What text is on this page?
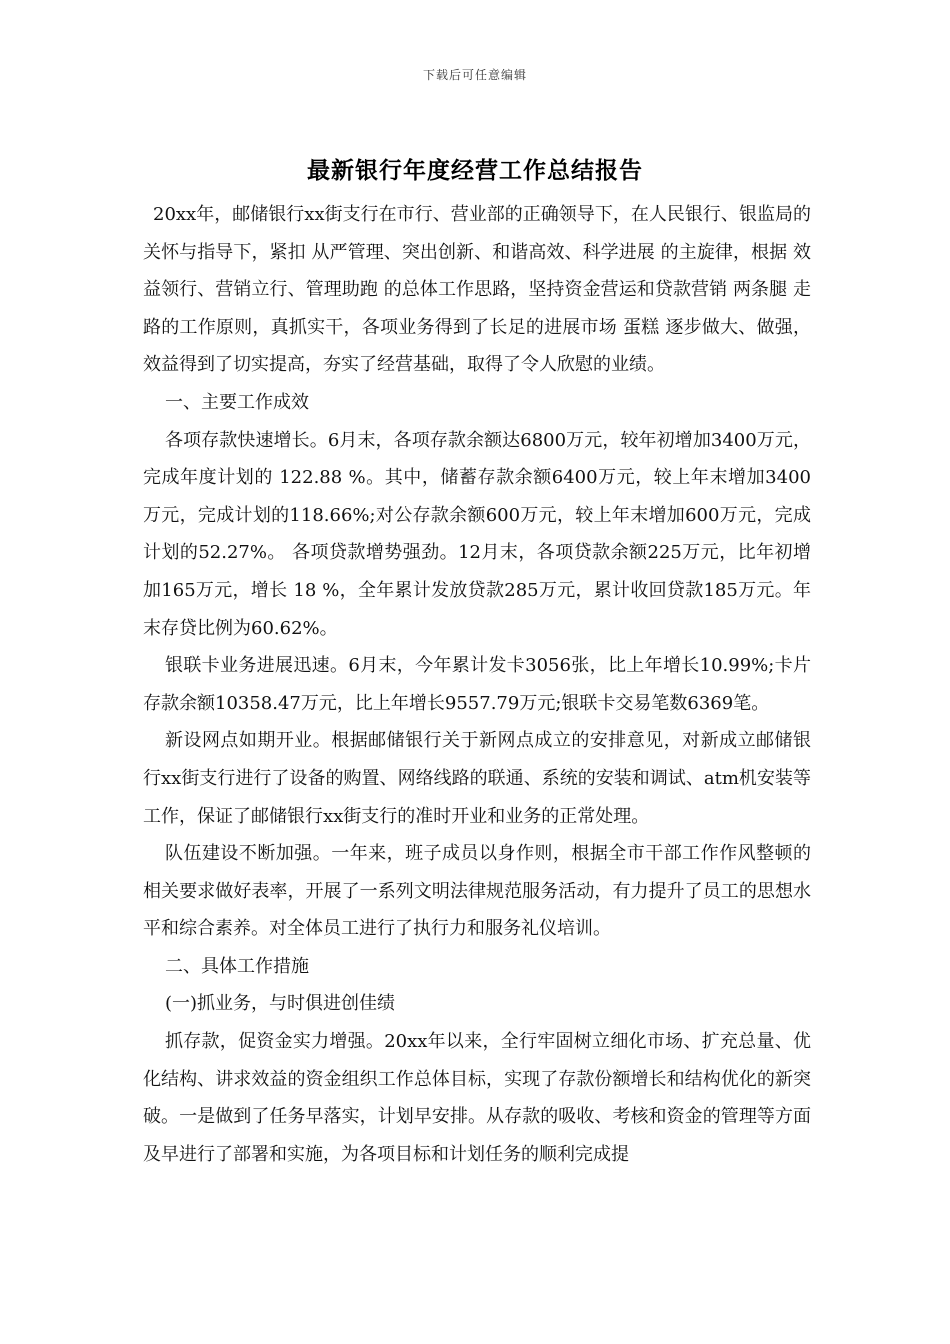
下载后可任意编辑
最新银行年度经营工作总结报告

20xx年，邮储银行xx街支行在市行、营业部的正确领导下，在人民银行、银监局的关怀与指导下，紧扣 从严管理、突出创新、和谐高效、科学进展 的主旋律，根据 效益领行、营销立行、管理助跑 的总体工作思路，坚持资金营运和贷款营销 两条腿 走路的工作原则，真抓实干，各项业务得到了长足的进展市场 蛋糕 逐步做大、做强，效益得到了切实提高，夯实了经营基础，取得了令人欣慰的业绩。

一、主要工作成效

各项存款快速增长。6月末，各项存款余额达6800万元，较年初增加3400万元，完成年度计划的 122.88 %。其中，储蓄存款余额6400万元，较上年末增加3400万元，完成计划的118.66%;对公存款余额600万元，较上年末增加600万元，完成计划的52.27%。 各项贷款增势强劲。12月末，各项贷款余额225万元，比年初增加165万元，增长 18 %，全年累计发放贷款285万元，累计收回贷款185万元。年末存贷比例为60.62%。

银联卡业务进展迅速。6月末，今年累计发卡3056张，比上年增长10.99%;卡片存款余额10358.47万元，比上年增长9557.79万元;银联卡交易笔数6369笔。

新设网点如期开业。根据邮储银行关于新网点成立的安排意见，对新成立邮储银行xx街支行进行了设备的购置、网络线路的联通、系统的安装和调试、atm机安装等工作，保证了邮储银行xx街支行的准时开业和业务的正常处理。

队伍建设不断加强。一年来，班子成员以身作则，根据全市干部工作作风整顿的相关要求做好表率，开展了一系列文明法律规范服务活动，有力提升了员工的思想水平和综合素养。对全体员工进行了执行力和服务礼仪培训。

二、具体工作措施

(一)抓业务，与时俱进创佳绩

抓存款，促资金实力增强。20xx年以来，全行牢固树立细化市场、扩充总量、优化结构、讲求效益的资金组织工作总体目标，实现了存款份额增长和结构优化的新突破。一是做到了任务早落实，计划早安排。从存款的吸收、考核和资金的管理等方面及早进行了部署和实施，为各项目标和计划任务的顺利完成提
